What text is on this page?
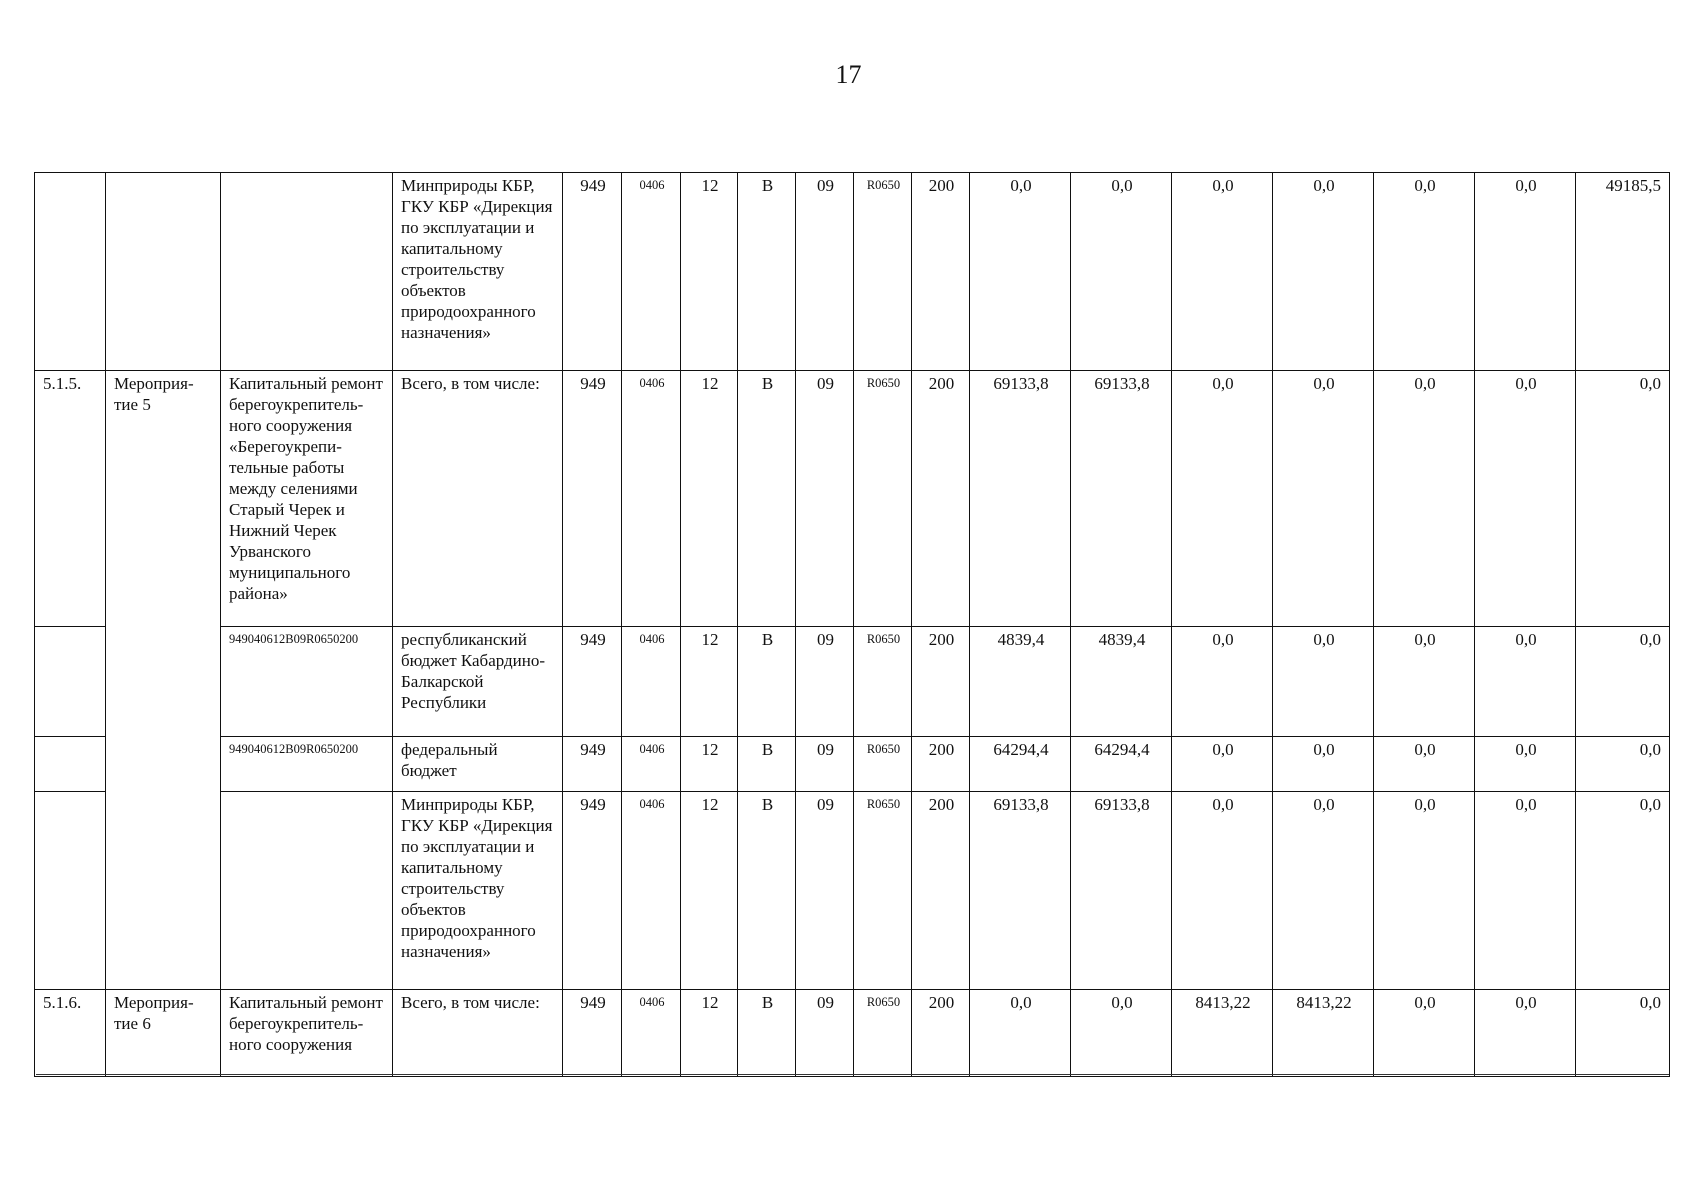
17
			Минприроды КБР, ГКУ КБР «Дирекция по эксплуатации и капитальному строительству объектов природоохранного назначения»	949	0406	12	В	09	R0650	200	0,0	0,0	0,0	0,0	0,0	0,0	49185,5
5.1.5.	Мероприя-тие 5	Капитальный ремонт берегоукрепитель-ного сооружения «Берегоукрепи-тельные работы между селениями Старый Черек и Нижний Черек Урванского муниципального района»	Всего, в том числе:	949	0406	12	В	09	R0650	200	69133,8	69133,8	0,0	0,0	0,0	0,0	0,0
		949040612B09R0650200	республиканский бюджет Кабардино-Балкарской Республики	949	0406	12	В	09	R0650	200	4839,4	4839,4	0,0	0,0	0,0	0,0	0,0
		949040612B09R0650200	федеральный бюджет	949	0406	12	В	09	R0650	200	64294,4	64294,4	0,0	0,0	0,0	0,0	0,0
			Минприроды КБР, ГКУ КБР «Дирекция по эксплуатации и капитальному строительству объектов природоохранного назначения»	949	0406	12	В	09	R0650	200	69133,8	69133,8	0,0	0,0	0,0	0,0	0,0
5.1.6.	Мероприя-тие 6	Капитальный ремонт берегоукрепитель-ного сооружения	Всего, в том числе:	949	0406	12	В	09	R0650	200	0,0	0,0	8413,22	8413,22	0,0	0,0	0,0
